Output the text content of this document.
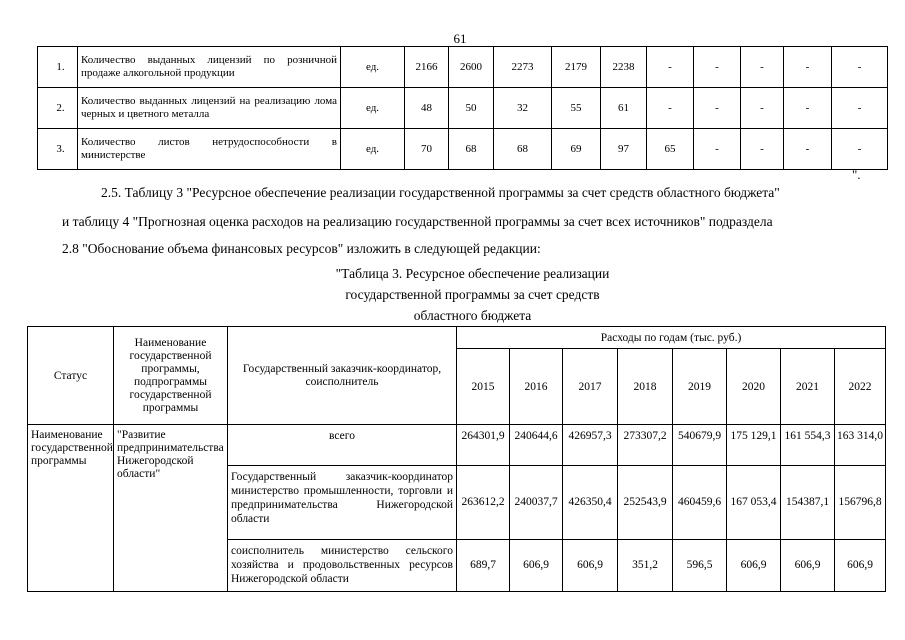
61
1.	Количество выданных лицензий по розничной продаже алкогольной продукции	ед.	2166	2600	2273	2179	2238	-	-	-	-	-
2.	Количество выданных лицензий на реализацию лома черных и цветного металла	ед.	48	50	32	55	61	-	-	-	-	-
3.	Количество листов нетрудоспособности в министерстве	ед.	70	68	68	69	97	65	-	-	-	-
".
2.5. Таблицу 3 "Ресурсное обеспечение реализации государственной программы за счет средств областного бюджета"
и таблицу 4 "Прогнозная оценка расходов на реализацию государственной программы за счет всех источников" подраздела
2.8 "Обоснование объема финансовых ресурсов" изложить в следующей редакции:
"Таблица 3. Ресурсное обеспечение реализации
государственной программы за счет средств
областного бюджета
Статус	Наименование государственной программы, подпрограммы государственной программы	Государственный заказчик-координатор, соисполнитель	Расходы по годам (тыс. руб.)							
			2015	2016	2017	2018	2019	2020	2021	2022
Наименование государственной программы	"Развитие предпринимательства Нижегородской области"	всего	264301,9	240644,6	426957,3	273307,2	540679,9	175 129,1	161 554,3	163 314,0
		Государственный заказчик-координатор министерство промышленности, торговли и предпринимательства Нижегородской области	263612,2	240037,7	426350,4	252543,9	460459,6	167 053,4	154387,1	156796,8
		соисполнитель министерство сельского хозяйства и продовольственных ресурсов Нижегородской области	689,7	606,9	606,9	351,2	596,5	606,9	606,9	606,9
